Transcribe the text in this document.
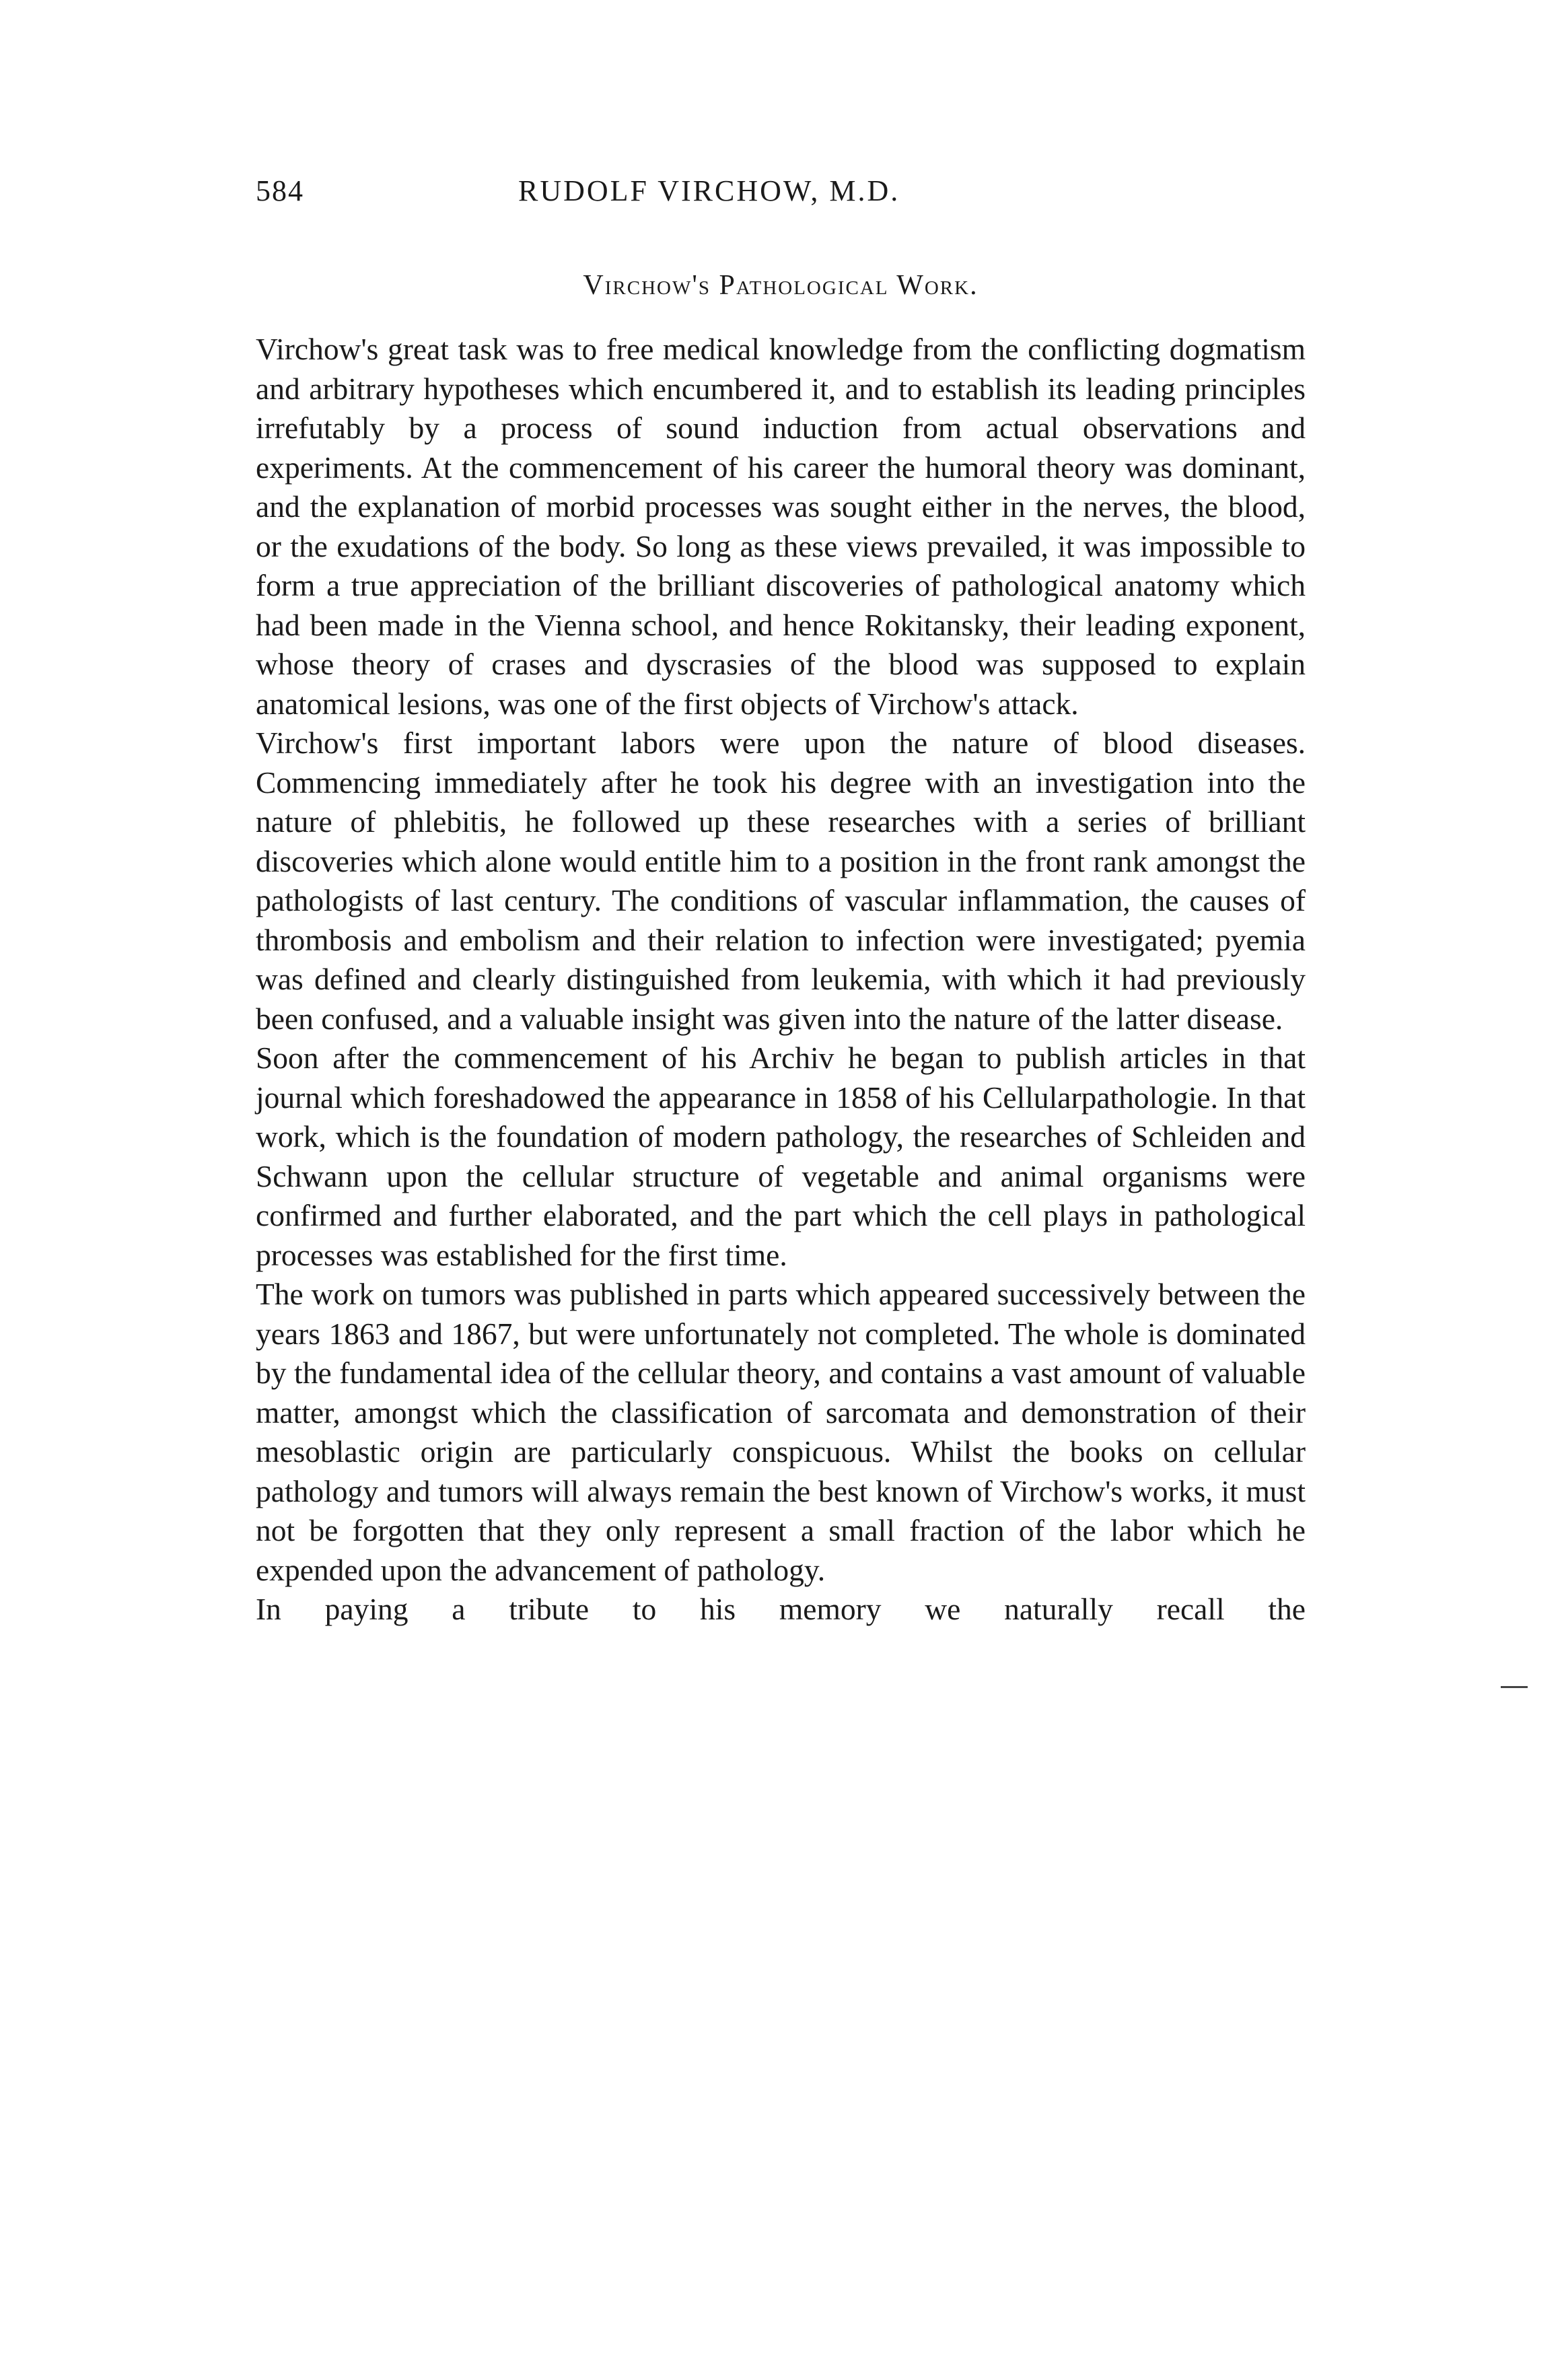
584	RUDOLF VIRCHOW, M.D.
Virchow's Pathological Work.

Virchow's great task was to free medical knowledge from the conflicting dogmatism and arbitrary hypotheses which encumbered it, and to establish its leading principles irrefutably by a process of sound induction from actual observations and experiments. At the commencement of his career the humoral theory was dominant, and the explanation of morbid processes was sought either in the nerves, the blood, or the exudations of the body. So long as these views prevailed, it was impossible to form a true appreciation of the brilliant discoveries of pathological anatomy which had been made in the Vienna school, and hence Rokitansky, their leading exponent, whose theory of crases and dyscrasies of the blood was supposed to explain anatomical lesions, was one of the first objects of Virchow's attack.

Virchow's first important labors were upon the nature of blood diseases. Commencing immediately after he took his degree with an investigation into the nature of phlebitis, he followed up these researches with a series of brilliant discoveries which alone would entitle him to a position in the front rank amongst the pathologists of last century. The conditions of vascular inflammation, the causes of thrombosis and embolism and their relation to infection were investigated; pyemia was defined and clearly distinguished from leukemia, with which it had previously been confused, and a valuable insight was given into the nature of the latter disease.

Soon after the commencement of his Archiv he began to publish articles in that journal which foreshadowed the appearance in 1858 of his Cellularpathologie. In that work, which is the foundation of modern pathology, the researches of Schleiden and Schwann upon the cellular structure of vegetable and animal organisms were confirmed and further elaborated, and the part which the cell plays in pathological processes was established for the first time.

The work on tumors was published in parts which appeared successively between the years 1863 and 1867, but were unfortunately not completed. The whole is dominated by the fundamental idea of the cellular theory, and contains a vast amount of valuable matter, amongst which the classification of sarcomata and demonstration of their mesoblastic origin are particularly conspicuous. Whilst the books on cellular pathology and tumors will always remain the best known of Virchow's works, it must not be forgotten that they only represent a small fraction of the labor which he expended upon the advancement of pathology.

In paying a tribute to his memory we naturally recall the
